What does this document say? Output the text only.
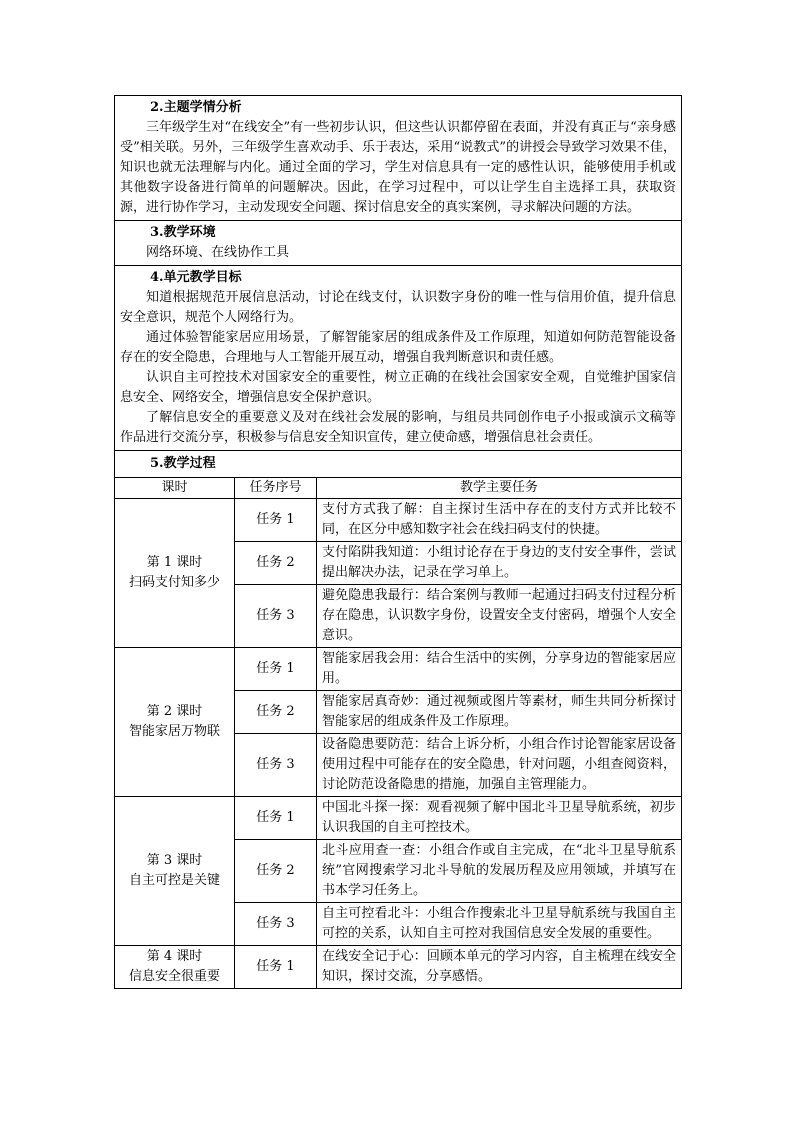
2.主题学情分析
三年级学生对“在线安全”有一些初步认识，但这些认识都停留在表面，并没有真正与“亲身感受”相关联。另外，三年级学生喜欢动手、乐于表达，采用“说教式”的讲授会导致学习效果不佳，知识也就无法理解与内化。通过全面的学习，学生对信息具有一定的感性认识，能够使用手机或其他数字设备进行简单的问题解决。因此，在学习过程中，可以让学生自主选择工具，获取资源，进行协作学习，主动发现安全问题、探讨信息安全的真实案例，寻求解决问题的方法。		

3.教学环境
网络环境、在线协作工具		

4.单元教学目标
知道根据规范开展信息活动，讨论在线支付，认识数字身份的唯一性与信用价值，提升信息安全意识，规范个人网络行为。
通过体验智能家居应用场景，了解智能家居的组成条件及工作原理，知道如何防范智能设备存在的安全隐患，合理地与人工智能开展互动，增强自我判断意识和责任感。
认识自主可控技术对国家安全的重要性，树立正确的在线社会国家安全观，自觉维护国家信息安全、网络安全，增强信息安全保护意识。
了解信息安全的重要意义及对在线社会发展的影响，与组员共同创作电子小报或演示文稿等作品进行交流分享，积极参与信息安全知识宣传，建立使命感，增强信息社会责任。		

5.教学过程		

课时	任务序号	教学主要任务

第 1 课时
扫码支付知多少	任务 1	支付方式我了解：自主探讨生活中存在的支付方式并比较不同，在区分中感知数字社会在线扫码支付的快捷。
	任务 2	支付陷阱我知道：小组讨论存在于身边的支付安全事件，尝试提出解决办法，记录在学习单上。
	任务 3	避免隐患我最行：结合案例与教师一起通过扫码支付过程分析存在隐患，认识数字身份，设置安全支付密码，增强个人安全意识。

第 2 课时
智能家居万物联	任务 1	智能家居我会用：结合生活中的实例，分享身边的智能家居应用。
	任务 2	智能家居真奇妙：通过视频或图片等素材，师生共同分析探讨智能家居的组成条件及工作原理。
	任务 3	设备隐患要防范：结合上诉分析，小组合作讨论智能家居设备使用过程中可能存在的安全隐患，针对问题，小组查阅资料，讨论防范设备隐患的措施，加强自主管理能力。

第 3 课时
自主可控是关键	任务 1	中国北斗探一探：观看视频了解中国北斗卫星导航系统，初步认识我国的自主可控技术。
	任务 2	北斗应用查一查：小组合作或自主完成，在“北斗卫星导航系统”官网搜索学习北斗导航的发展历程及应用领域，并填写在书本学习任务上。
	任务 3	自主可控看北斗：小组合作搜索北斗卫星导航系统与我国自主可控的关系，认知自主可控对我国信息安全发展的重要性。

第 4 课时
信息安全很重要	任务 1	在线安全记于心：回顾本单元的学习内容，自主梳理在线安全知识，探讨交流，分享感悟。
